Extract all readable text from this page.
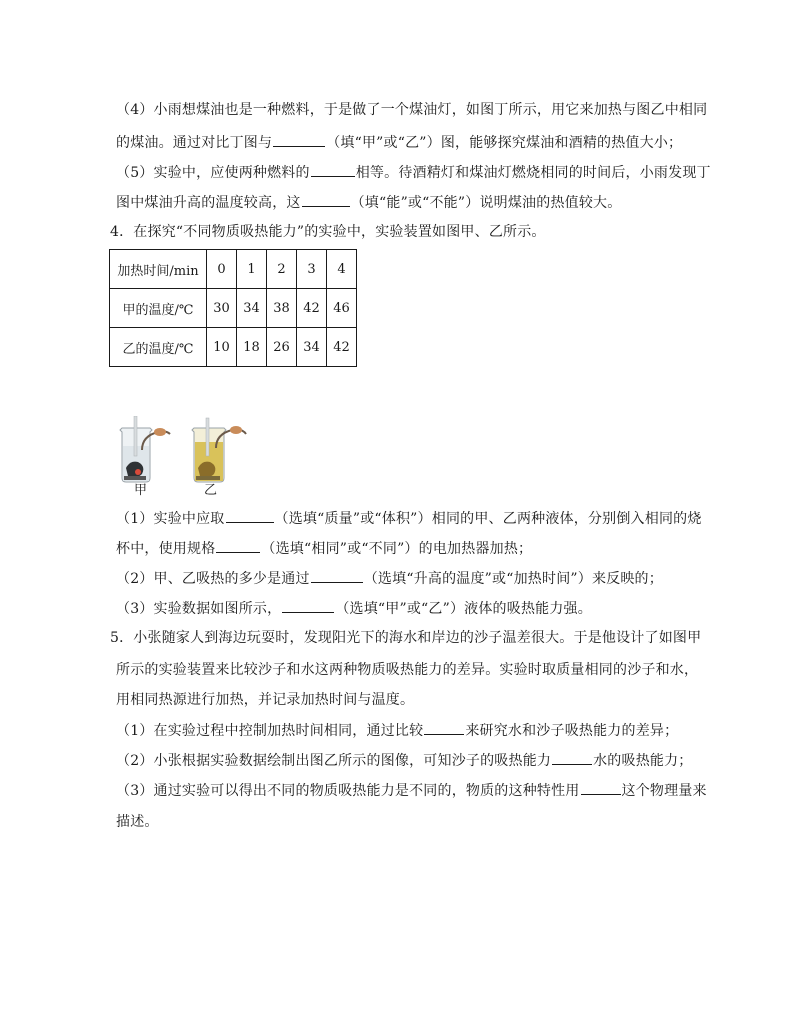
（4）小雨想煤油也是一种燃料，于是做了一个煤油灯，如图丁所示，用它来加热与图乙中相同
的煤油。通过对比丁图与	（填“甲”或“乙”）图，能够探究煤油和酒精的热值大小；
（5）实验中，应使两种燃料的	相等。待酒精灯和煤油灯燃烧相同的时间后，小雨发现丁
图中煤油升高的温度较高，这	（填“能”或“不能”）说明煤油的热值较大。
4．在探究“不同物质吸热能力”的实验中，实验装置如图甲、乙所示。
加热时间/min	0	1	2	3	4
甲的温度/℃	30	34	38	42	46
乙的温度/℃	10	18	26	34	42
甲	乙
（1）实验中应取	（选填“质量”或“体积”）相同的甲、乙两种液体，分别倒入相同的烧
杯中，使用规格	（选填“相同”或“不同”）的电加热器加热；
（2）甲、乙吸热的多少是通过	（选填“升高的温度”或“加热时间”）来反映的；
（3）实验数据如图所示，	（选填“甲”或“乙”）液体的吸热能力强。
5．小张随家人到海边玩耍时，发现阳光下的海水和岸边的沙子温差很大。于是他设计了如图甲
所示的实验装置来比较沙子和水这两种物质吸热能力的差异。实验时取质量相同的沙子和水，
用相同热源进行加热，并记录加热时间与温度。
（1）在实验过程中控制加热时间相同，通过比较	来研究水和沙子吸热能力的差异；
（2）小张根据实验数据绘制出图乙所示的图像，可知沙子的吸热能力	水的吸热能力；
（3）通过实验可以得出不同的物质吸热能力是不同的，物质的这种特性用	这个物理量来
描述。
